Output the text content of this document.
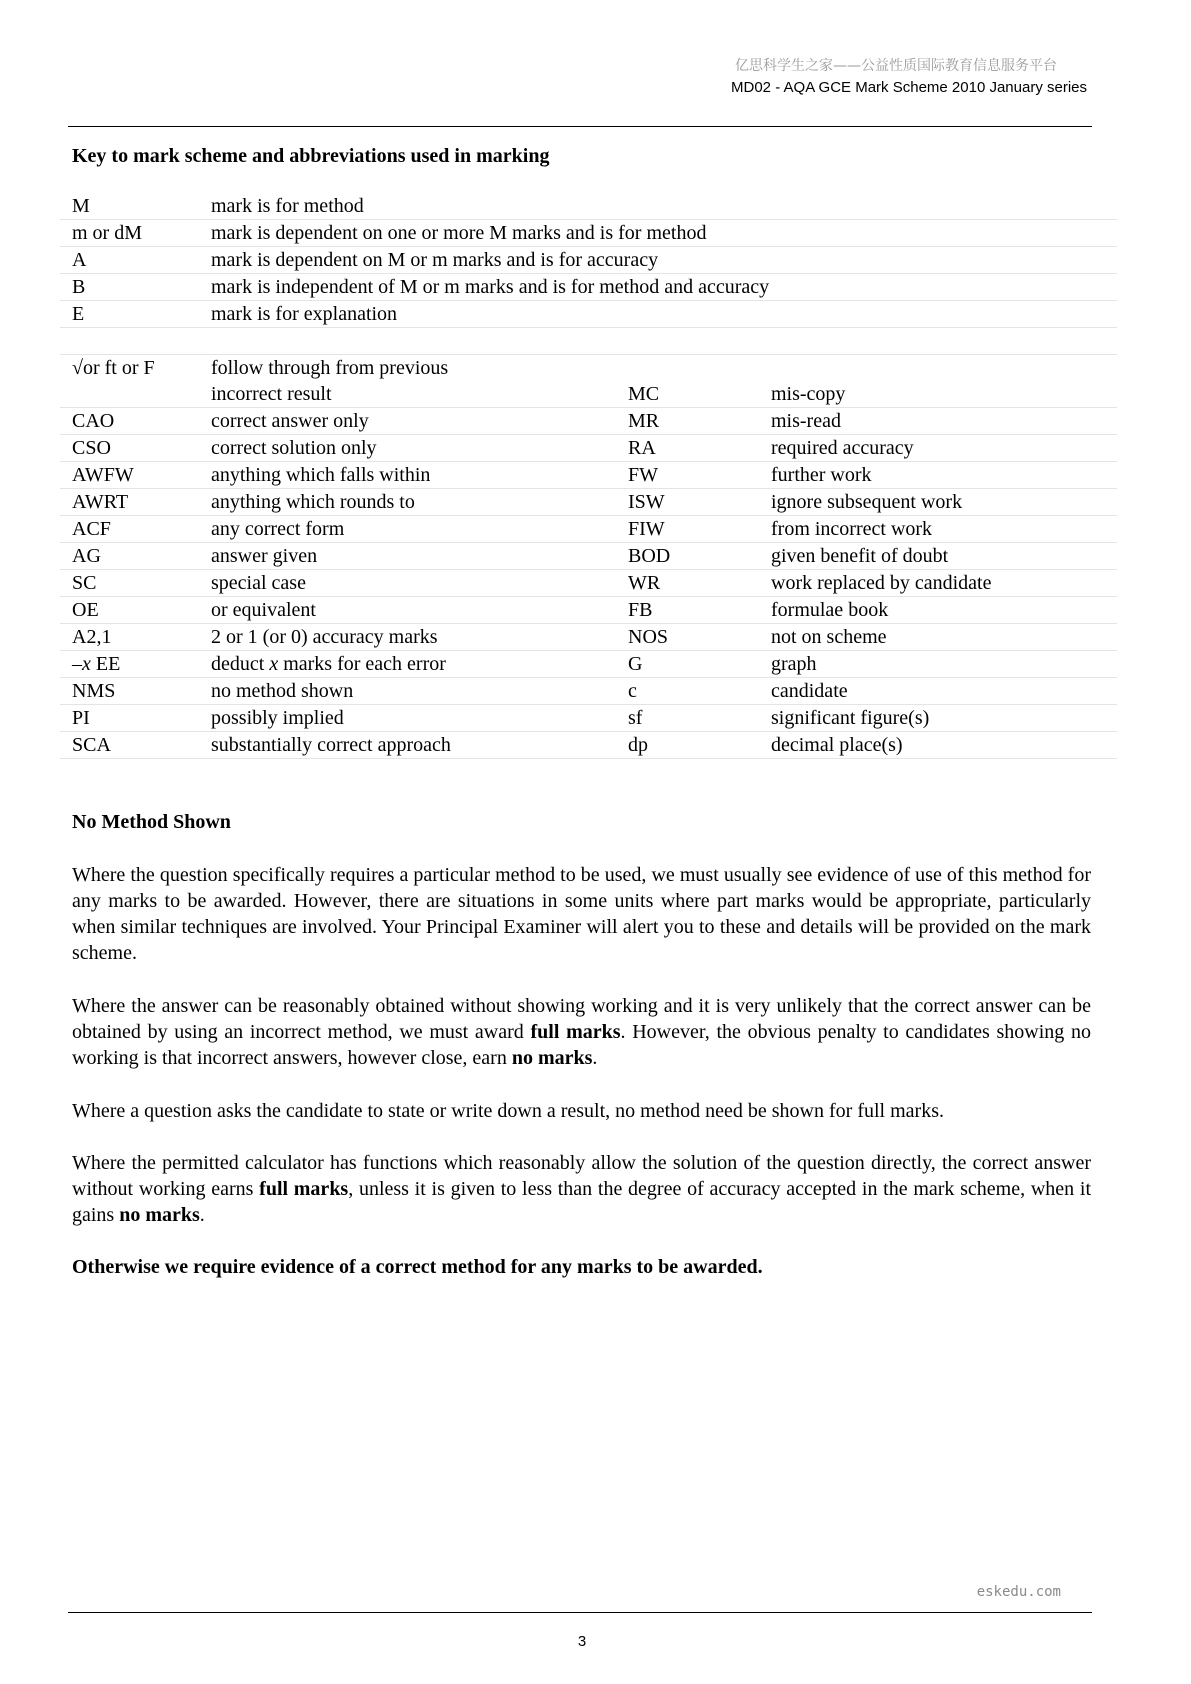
亿思科学生之家——公益性质国际教育信息服务平台
MD02 - AQA GCE Mark Scheme 2010 January series
Key to mark scheme and abbreviations used in marking
M	mark is for method		
m or dM	mark is dependent on one or more M marks and is for method		
A	mark is dependent on M or m marks and is for accuracy		
B	mark is independent of M or m marks and is for method and accuracy		
E	mark is for explanation		

√or ft or F	follow through from previous		
	incorrect result	MC	mis-copy
CAO	correct answer only	MR	mis-read
CSO	correct solution only	RA	required accuracy
AWFW	anything which falls within	FW	further work
AWRT	anything which rounds to	ISW	ignore subsequent work
ACF	any correct form	FIW	from incorrect work
AG	answer given	BOD	given benefit of doubt
SC	special case	WR	work replaced by candidate
OE	or equivalent	FB	formulae book
A2,1	2 or 1 (or 0) accuracy marks	NOS	not on scheme
–x EE	deduct x marks for each error	G	graph
NMS	no method shown	c	candidate
PI	possibly implied	sf	significant figure(s)
SCA	substantially correct approach	dp	decimal place(s)
No Method Shown
Where the question specifically requires a particular method to be used, we must usually see evidence of use of this method for any marks to be awarded. However, there are situations in some units where part marks would be appropriate, particularly when similar techniques are involved. Your Principal Examiner will alert you to these and details will be provided on the mark scheme.
Where the answer can be reasonably obtained without showing working and it is very unlikely that the correct answer can be obtained by using an incorrect method, we must award full marks. However, the obvious penalty to candidates showing no working is that incorrect answers, however close, earn no marks.
Where a question asks the candidate to state or write down a result, no method need be shown for full marks.
Where the permitted calculator has functions which reasonably allow the solution of the question directly, the correct answer without working earns full marks, unless it is given to less than the degree of accuracy accepted in the mark scheme, when it gains no marks.
Otherwise we require evidence of a correct method for any marks to be awarded.
eskedu.com
3
